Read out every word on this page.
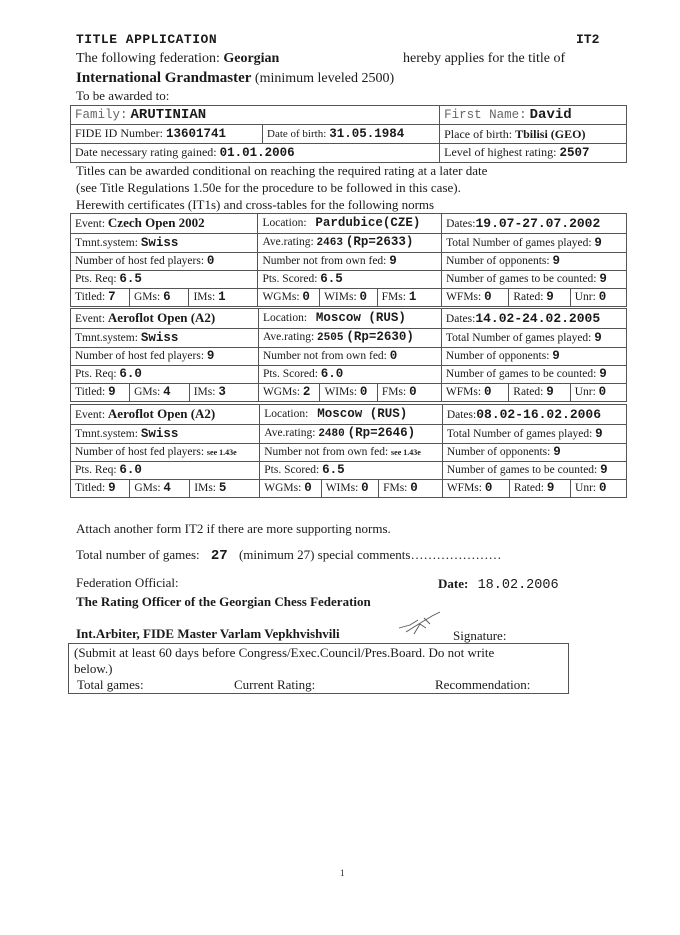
TITLE APPLICATION	IT2
The following federation: Georgian	hereby applies for the title of
International Grandmaster (minimum leveled 2500)
To be awarded to:
Family: ARUTINIAN		First Name: David
FIDE ID Number: 13601741	Date of birth: 31.05.1984	Place of birth: Tbilisi (GEO)
Date necessary rating gained: 01.01.2006		Level of highest rating: 2507
Titles can be awarded conditional on reaching the required rating at a later date
(see Title Regulations 1.50e for the procedure to be followed in this case).
Herewith certificates (IT1s) and cross-tables for the following norms
Event: Czech Open 2002			Location: Pardubice(CZE)			Dates:19.07-27.07.2002		
Tmnt.system: Swiss			Ave.rating: 2463 (Rp=2633)			Total Number of games played: 9		
Number of host fed players: 0			Number not from own fed: 9			Number of opponents: 9		
Pts. Req: 6.5			Pts. Scored: 6.5			Number of games to be counted: 9		
Titled: 7	GMs: 6	IMs: 1	WGMs: 0	WIMs: 0	FMs: 1	WFMs: 0	Rated: 9	Unr: 0
Event: Aeroflot Open (A2)			Location: Moscow (RUS)			Dates:14.02-24.02.2005		
Tmnt.system: Swiss			Ave.rating: 2505 (Rp=2630)			Total Number of games played: 9		
Number of host fed players: 9			Number not from own fed: 0			Number of opponents: 9		
Pts. Req: 6.0			Pts. Scored: 6.0			Number of games to be counted: 9		
Titled: 9	GMs: 4	IMs: 3	WGMs: 2	WIMs: 0	FMs: 0	WFMs: 0	Rated: 9	Unr: 0
Event: Aeroflot Open (A2)			Location: Moscow (RUS)			Dates:08.02-16.02.2006		
Tmnt.system: Swiss			Ave.rating: 2480 (Rp=2646)			Total Number of games played: 9		
Number of host fed players: see 1.43e			Number not from own fed: see 1.43e			Number of opponents: 9		
Pts. Req: 6.0			Pts. Scored: 6.5			Number of games to be counted: 9		
Titled: 9	GMs: 4	IMs: 5	WGMs: 0	WIMs: 0	FMs: 0	WFMs: 0	Rated: 9	Unr: 0
Attach another form IT2 if there are more supporting norms.
Total number of games: 27 (minimum 27) special comments…………………
Federation Official:	Date: 18.02.2006
The Rating Officer of the Georgian Chess Federation
Int.Arbiter, FIDE Master Varlam Vepkhvishvili	Signature:
(Submit at least 60 days before Congress/Exec.Council/Pres.Board. Do not write
below.)
Total games:	Current Rating:	Recommendation:
1
